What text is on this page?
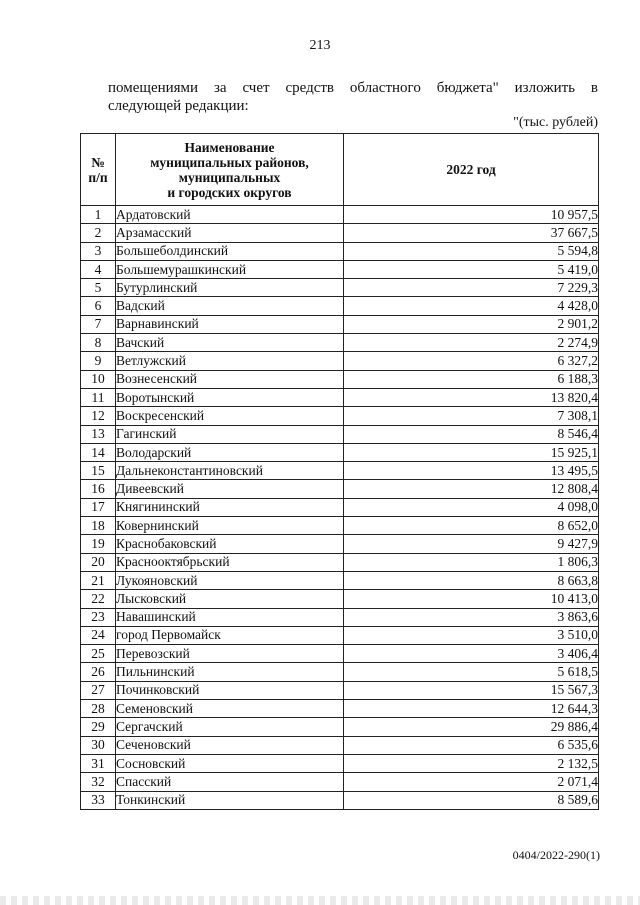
213
помещениями за счет средств областного бюджета" изложить в
следующей редакции:
"(тыс. рублей)
№
п/п	Наименование
муниципальных районов,
муниципальных
и городских округов	2022 год
1	Ардатовский	10 957,5
2	Арзамасский	37 667,5
3	Большеболдинский	5 594,8
4	Большемурашкинский	5 419,0
5	Бутурлинский	7 229,3
6	Вадский	4 428,0
7	Варнавинский	2 901,2
8	Вачский	2 274,9
9	Ветлужский	6 327,2
10	Вознесенский	6 188,3
11	Воротынский	13 820,4
12	Воскресенский	7 308,1
13	Гагинский	8 546,4
14	Володарский	15 925,1
15	Дальнеконстантиновский	13 495,5
16	Дивеевский	12 808,4
17	Княгининский	4 098,0
18	Ковернинский	8 652,0
19	Краснобаковский	9 427,9
20	Краснооктябрьский	1 806,3
21	Лукояновский	8 663,8
22	Лысковский	10 413,0
23	Навашинский	3 863,6
24	город Первомайск	3 510,0
25	Перевозский	3 406,4
26	Пильнинский	5 618,5
27	Починковский	15 567,3
28	Семеновский	12 644,3
29	Сергачский	29 886,4
30	Сеченовский	6 535,6
31	Сосновский	2 132,5
32	Спасский	2 071,4
33	Тонкинский	8 589,6
0404/2022-290(1)
